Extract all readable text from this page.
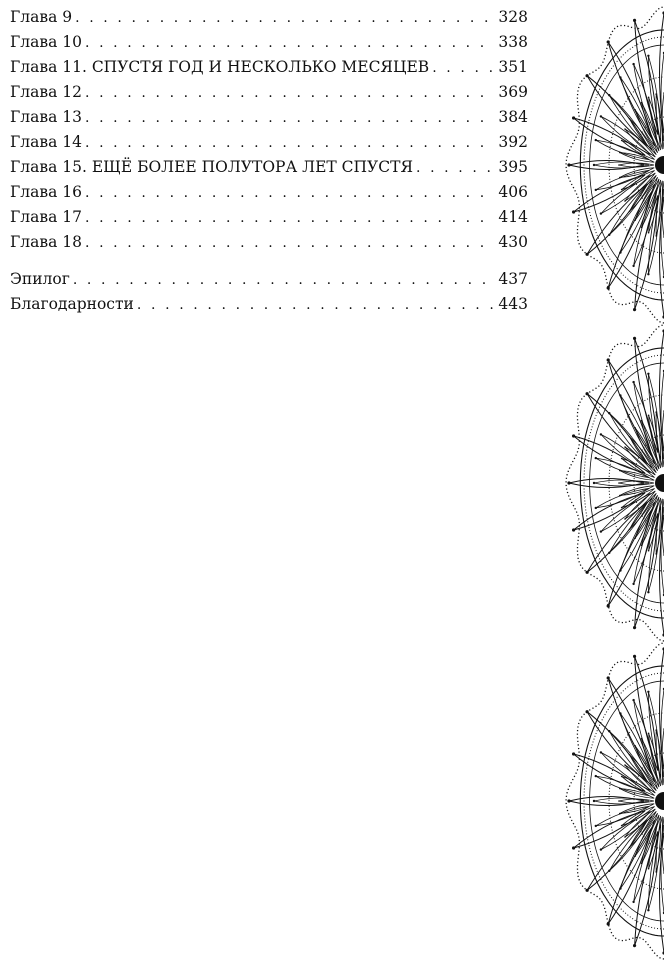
Глава 9 . . .	328
Глава 10 . . .	338
Глава 11. СПУСТЯ ГОД И НЕСКОЛЬКО МЕСЯЦЕВ . . .	351
Глава 12 . . .	369
Глава 13 . . .	384
Глава 14 . . .	392
Глава 15. ЕЩЁ БОЛЕЕ ПОЛУТОРА ЛЕТ СПУСТЯ . . .	395
Глава 16 . . .	406
Глава 17 . . .	414
Глава 18 . . .	430
Эпилог . . .	437
Благодарности . . .	443
